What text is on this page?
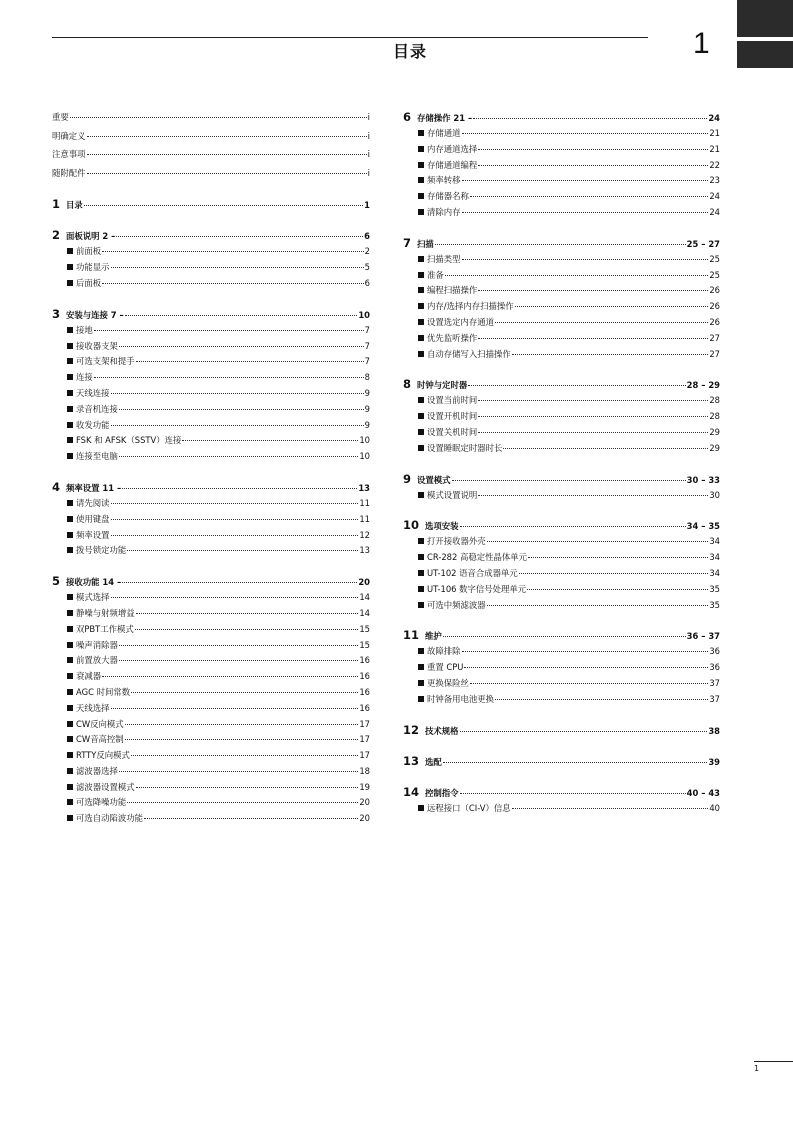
目录	1
重要	i
明确定义	i
注意事项	i
随附配件	i
1 目录	1
2 面板说明 2 –	6
前面板	2
功能显示	5
后面板	6
3 安装与连接 7 –	10
接地	7
接收器支架	7
可选支架和提手	7
连接	8
天线连接	9
录音机连接	9
收发功能	9
FSK 和 AFSK（SSTV）连接	10
连接至电脑	10
4 频率设置 11 –	13
请先阅读	11
使用键盘	11
频率设置	12
拨号锁定功能	13
5 接收功能 14 –	20
模式选择	14
静噪与射频增益	14
双PBT工作模式	15
噪声消除器	15
前置放大器	16
衰减器	16
AGC 时间常数	16
天线选择	16
CW反向模式	17
CW音高控制	17
RTTY反向模式	17
滤波器选择	18
滤波器设置模式	19
可选降噪功能	20
可选自动陷波功能	20
6 存储操作 21 –	24
存储通道	21
内存通道选择	21
存储通道编程	22
频率转移	23
存储器名称	24
清除内存	24
7 扫描	25 – 27
扫描类型	25
准备	25
编程扫描操作	26
内存/选择内存扫描操作	26
设置选定内存通道	26
优先监听操作	27
自动存储写入扫描操作	27
8 时钟与定时器	28 – 29
设置当前时间	28
设置开机时间	28
设置关机时间	29
设置睡眠定时器时长	29
9 设置模式	30 – 33
模式设置说明	30
10 选项安装	34 – 35
打开接收器外壳	34
CR-282 高稳定性晶体单元	34
UT-102 语音合成器单元	34
UT-106 数字信号处理单元	35
可选中频滤波器	35
11 维护	36 – 37
故障排除	36
重置 CPU	36
更换保险丝	37
时钟备用电池更换	37
12 技术规格	38
13 选配	39
14 控制指令	40 – 43
远程接口（CI-V）信息	40
1
